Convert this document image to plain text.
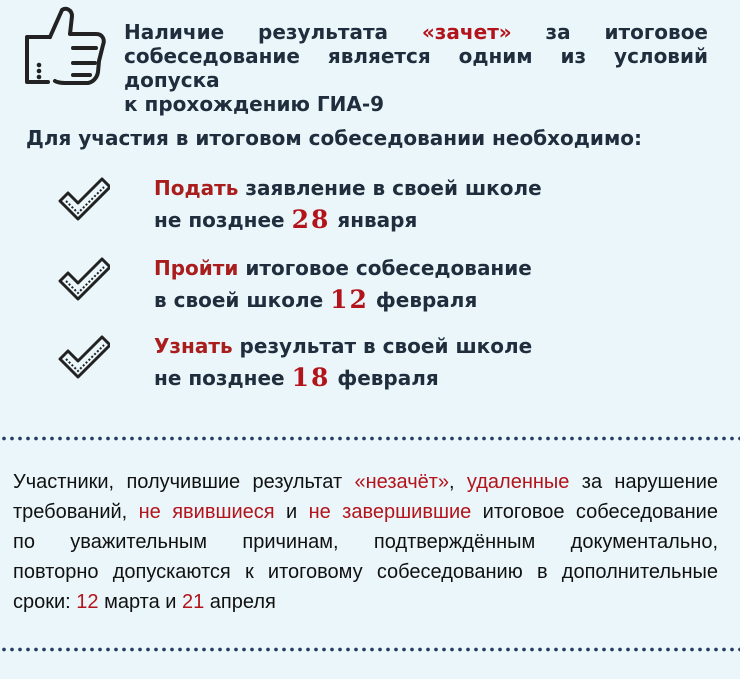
Наличие результата «зачет» за итоговое
собеседование является одним из условий допуска
к прохождению ГИА-9
Для участия в итоговом собеседовании необходимо:
Подать заявление в своей школе
не позднее 28 января
Пройти итоговое собеседование
в своей школе 12 февраля
Узнать результат в своей школе
не позднее 18 февраля
Участники, получившие результат «незачёт», удаленные за нарушение
требований, не явившиеся и не завершившие итоговое собеседование
по уважительным причинам, подтверждённым документально,
повторно допускаются к итоговому собеседованию в дополнительные
сроки: 12 марта и 21 апреля
